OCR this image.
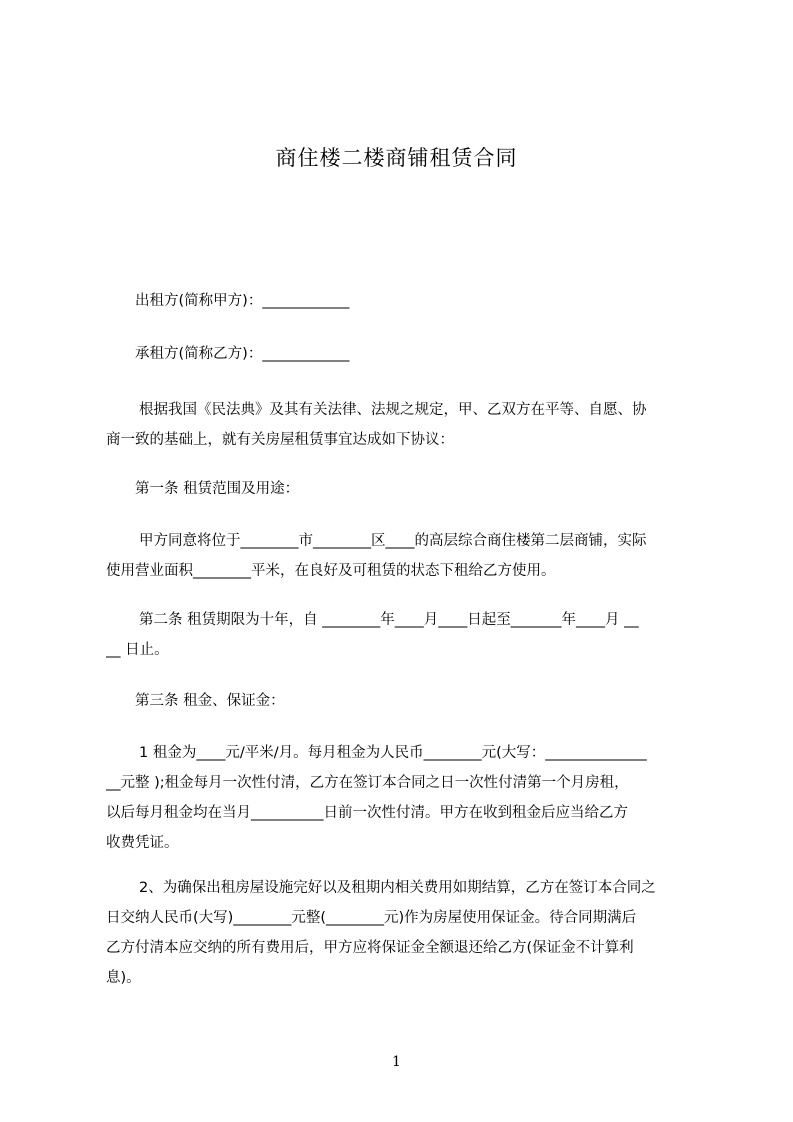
商住楼二楼商铺租赁合同
出租方(简称甲方)：____________
承租方(简称乙方)：____________
根据我国《民法典》及其有关法律、法规之规定，甲、乙双方在平等、自愿、协
商一致的基础上，就有关房屋租赁事宜达成如下协议：
第一条 租赁范围及用途：
甲方同意将位于________市________区____的高层综合商住楼第二层商铺，实际
使用营业面积________平米，在良好及可租赁的状态下租给乙方使用。
第二条 租赁期限为十年，自 ________年____月____日起至_______年____月 __
__ 日止。
第三条 租金、保证金：
1 租金为____元/平米/月。每月租金为人民币________元(大写：______________
__元整 );租金每月一次性付清，乙方在签订本合同之日一次性付清第一个月房租，
以后每月租金均在当月__________日前一次性付清。甲方在收到租金后应当给乙方
收费凭证。
2、为确保出租房屋设施完好以及租期内相关费用如期结算，乙方在签订本合同之
日交纳人民币(大写)________元整(________元)作为房屋使用保证金。待合同期满后
乙方付清本应交纳的所有费用后，甲方应将保证金全额退还给乙方(保证金不计算利
息)。
1
